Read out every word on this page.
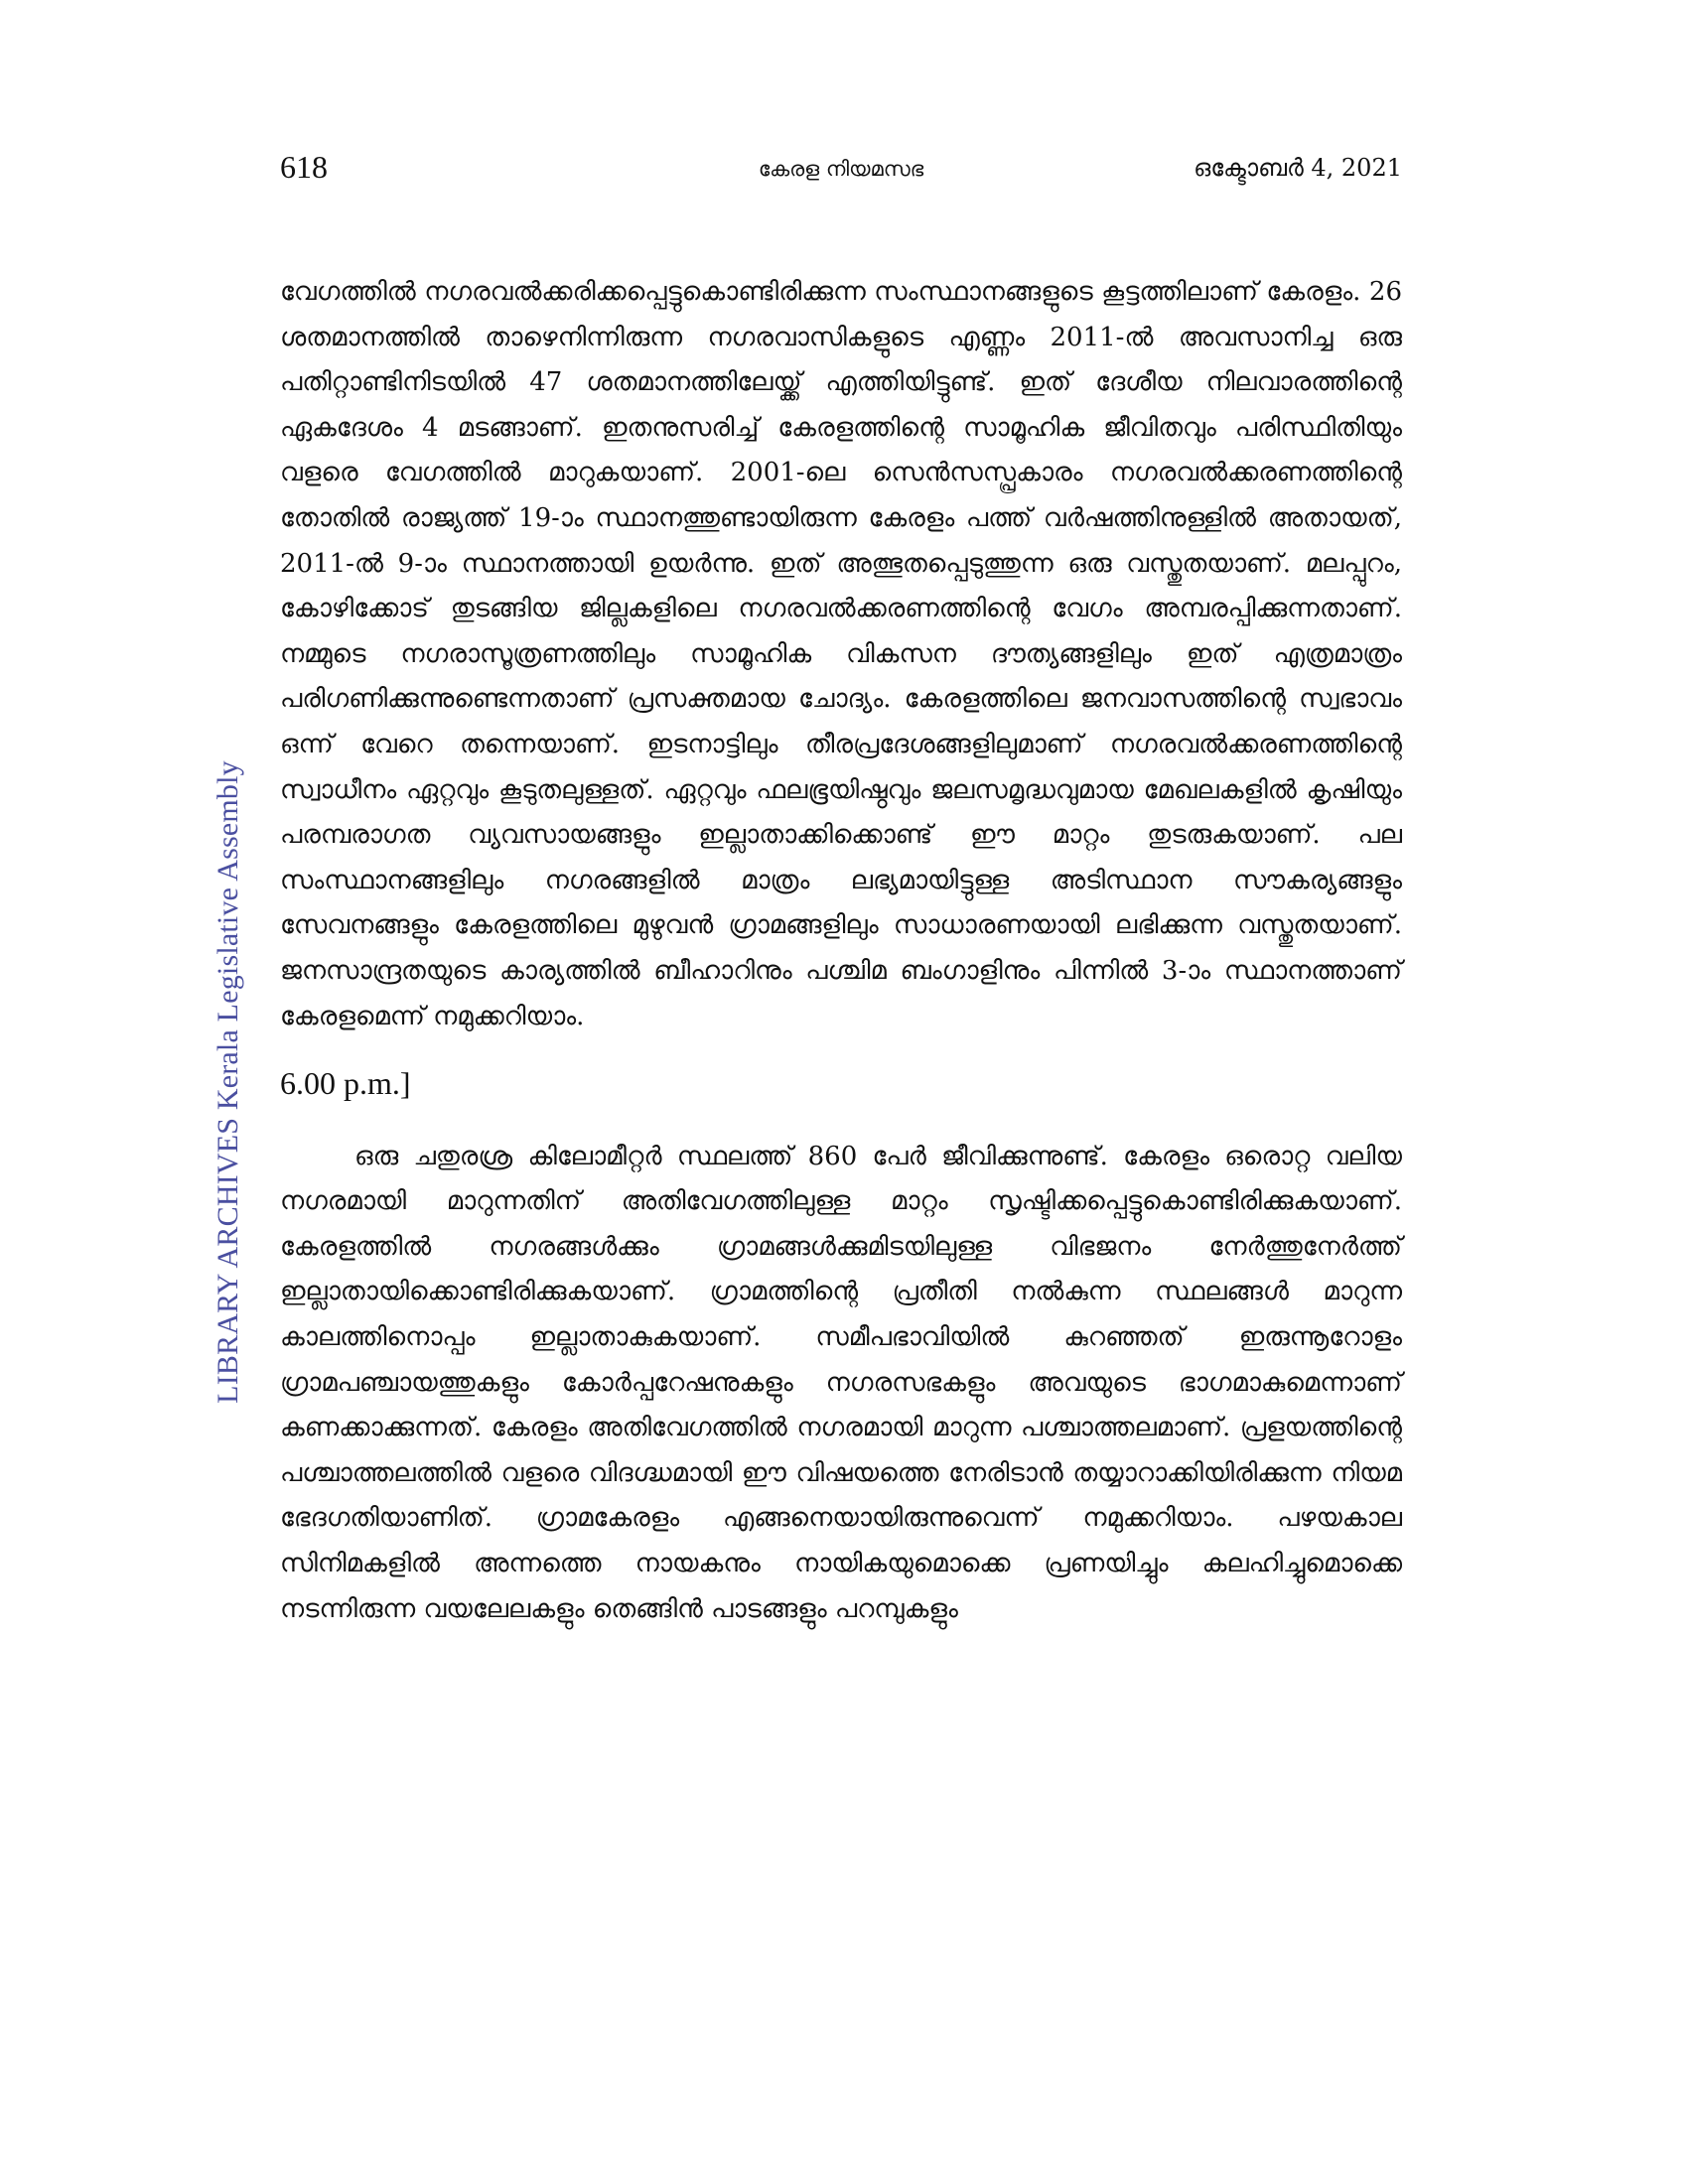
618	കേരള നിയമസഭ	ഒക്ടോബർ 4, 2021
LIBRARY ARCHIVES Kerala Legislative Assembly

വേഗത്തിൽ നഗരവൽക്കരിക്കപ്പെട്ടുകൊണ്ടിരിക്കുന്ന സംസ്ഥാനങ്ങളുടെ കൂട്ടത്തിലാണ് കേരളം. 26 ശതമാനത്തിൽ താഴെനിന്നിരുന്ന നഗരവാസികളുടെ എണ്ണം 2011-ൽ അവസാനിച്ച ഒരു പതിറ്റാണ്ടിനിടയിൽ 47 ശതമാനത്തിലേയ്ക്ക് എത്തിയിട്ടുണ്ട്. ഇത് ദേശീയ നിലവാരത്തിന്റെ ഏകദേശം 4 മടങ്ങാണ്. ഇതനുസരിച്ച് കേരളത്തിന്റെ സാമൂഹിക ജീവിതവും പരിസ്ഥിതിയും വളരെ വേഗത്തിൽ മാറുകയാണ്. 2001-ലെ സെൻസസ്പ്രകാരം നഗരവൽക്കരണത്തിന്റെ തോതിൽ രാജ്യത്ത് 19-ാം സ്ഥാനത്തുണ്ടായിരുന്ന കേരളം പത്ത് വർഷത്തിനുള്ളിൽ അതായത്, 2011-ൽ 9-ാം സ്ഥാനത്തായി ഉയർന്നു. ഇത് അത്ഭുതപ്പെടുത്തുന്ന ഒരു വസ്തുതയാണ്. മലപ്പുറം, കോഴിക്കോട് തുടങ്ങിയ ജില്ലകളിലെ നഗരവൽക്കരണത്തിന്റെ വേഗം അമ്പരപ്പിക്കുന്നതാണ്. നമ്മുടെ നഗരാസൂത്രണത്തിലും സാമൂഹിക വികസന ദൗത്യങ്ങളിലും ഇത് എത്രമാത്രം പരിഗണിക്കുന്നുണ്ടെന്നതാണ് പ്രസക്തമായ ചോദ്യം. കേരളത്തിലെ ജനവാസത്തിന്റെ സ്വഭാവം ഒന്ന് വേറെ തന്നെയാണ്. ഇടനാട്ടിലും തീരപ്രദേശങ്ങളിലുമാണ് നഗരവൽക്കരണത്തിന്റെ സ്വാധീനം ഏറ്റവും കൂടുതലുള്ളത്. ഏറ്റവും ഫലഭൂയിഷ്ഠവും ജലസമൃദ്ധവുമായ മേഖലകളിൽ കൃഷിയും പരമ്പരാഗത വ്യവസായങ്ങളും ഇല്ലാതാക്കിക്കൊണ്ട് ഈ മാറ്റം തുടരുകയാണ്. പല സംസ്ഥാനങ്ങളിലും നഗരങ്ങളിൽ മാത്രം ലഭ്യമായിട്ടുള്ള അടിസ്ഥാന സൗകര്യങ്ങളും സേവനങ്ങളും കേരളത്തിലെ മുഴുവൻ ഗ്രാമങ്ങളിലും സാധാരണയായി ലഭിക്കുന്ന വസ്തുതയാണ്. ജനസാന്ദ്രതയുടെ കാര്യത്തിൽ ബീഹാറിനും പശ്ചിമ ബംഗാളിനും പിന്നിൽ 3-ാം സ്ഥാനത്താണ് കേരളമെന്ന് നമുക്കറിയാം.

6.00 p.m.]

ഒരു ചതുരശ്ര കിലോമീറ്റർ സ്ഥലത്ത് 860 പേർ ജീവിക്കുന്നുണ്ട്. കേരളം ഒരൊറ്റ വലിയ നഗരമായി മാറുന്നതിന് അതിവേഗത്തിലുള്ള മാറ്റം സൃഷ്ടിക്കപ്പെട്ടുകൊണ്ടിരിക്കുകയാണ്. കേരളത്തിൽ നഗരങ്ങൾക്കും ഗ്രാമങ്ങൾക്കുമിടയിലുള്ള വിഭജനം നേർത്തുനേർത്ത് ഇല്ലാതായിക്കൊണ്ടിരിക്കുകയാണ്. ഗ്രാമത്തിന്റെ പ്രതീതി നൽകുന്ന സ്ഥലങ്ങൾ മാറുന്ന കാലത്തിനൊപ്പം ഇല്ലാതാകുകയാണ്. സമീപഭാവിയിൽ കുറഞ്ഞത് ഇരുന്നൂറോളം ഗ്രാമപഞ്ചായത്തുകളും കോർപ്പറേഷനുകളും നഗരസഭകളും അവയുടെ ഭാഗമാകുമെന്നാണ് കണക്കാക്കുന്നത്. കേരളം അതിവേഗത്തിൽ നഗരമായി മാറുന്ന പശ്ചാത്തലമാണ്. പ്രളയത്തിന്റെ പശ്ചാത്തലത്തിൽ വളരെ വിദഗ്ദ്ധമായി ഈ വിഷയത്തെ നേരിടാൻ തയ്യാറാക്കിയിരിക്കുന്ന നിയമ ഭേദഗതിയാണിത്. ഗ്രാമകേരളം എങ്ങനെയായിരുന്നുവെന്ന് നമുക്കറിയാം. പഴയകാല സിനിമകളിൽ അന്നത്തെ നായകനും നായികയുമൊക്കെ പ്രണയിച്ചും കലഹിച്ചുമൊക്കെ നടന്നിരുന്ന വയലേലകളും തെങ്ങിൻ പാടങ്ങളും പറമ്പുകളും
